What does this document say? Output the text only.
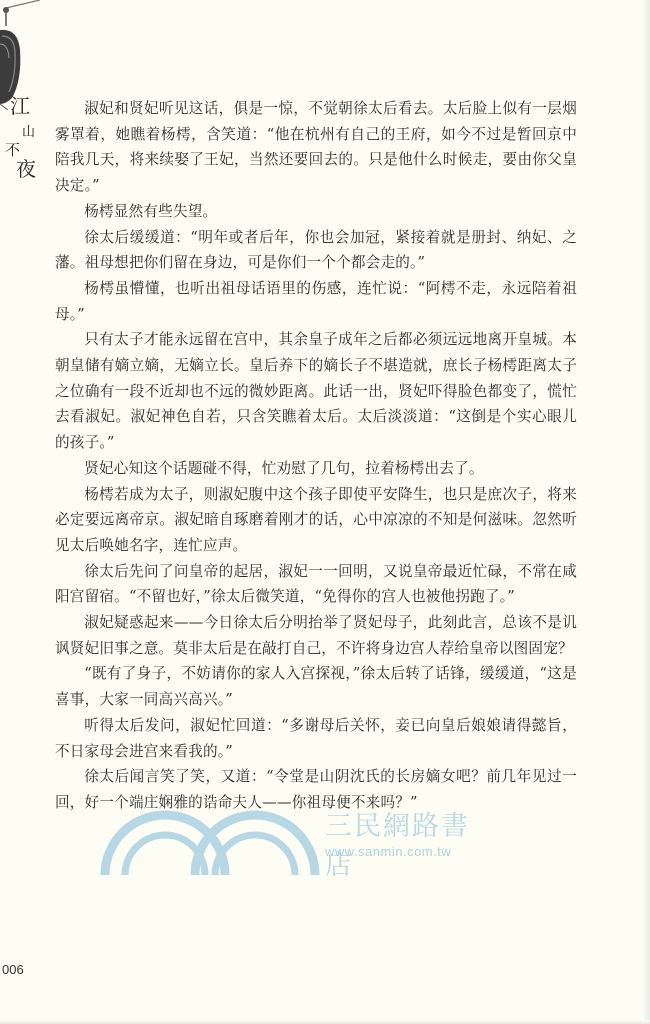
江
山
不
夜

淑妃和贤妃听见这话，俱是一惊，不觉朝徐太后看去。太后脸上似有一层烟雾罩着，她瞧着杨樗，含笑道：“他在杭州有自己的王府，如今不过是暂回京中陪我几天，将来续娶了王妃，当然还要回去的。只是他什么时候走，要由你父皇决定。”

杨樗显然有些失望。

徐太后缓缓道：“明年或者后年，你也会加冠，紧接着就是册封、纳妃、之藩。祖母想把你们留在身边，可是你们一个个都会走的。”

杨樗虽懵懂，也听出祖母话语里的伤感，连忙说：“阿樗不走，永远陪着祖母。”

只有太子才能永远留在宫中，其余皇子成年之后都必须远远地离开皇城。本朝皇储有嫡立嫡，无嫡立长。皇后养下的嫡长子不堪造就，庶长子杨樗距离太子之位确有一段不近却也不远的微妙距离。此话一出，贤妃吓得脸色都变了，慌忙去看淑妃。淑妃神色自若，只含笑瞧着太后。太后淡淡道：“这倒是个实心眼儿的孩子。”

贤妃心知这个话题碰不得，忙劝慰了几句，拉着杨樗出去了。

杨樗若成为太子，则淑妃腹中这个孩子即使平安降生，也只是庶次子，将来必定要远离帝京。淑妃暗自琢磨着刚才的话，心中凉凉的不知是何滋味。忽然听见太后唤她名字，连忙应声。

徐太后先问了问皇帝的起居，淑妃一一回明，又说皇帝最近忙碌，不常在咸阳宫留宿。“不留也好，”徐太后微笑道，“免得你的宫人也被他拐跑了。”

淑妃疑惑起来——今日徐太后分明抬举了贤妃母子，此刻此言，总该不是讥讽贤妃旧事之意。莫非太后是在敲打自己，不许将身边宫人荐给皇帝以图固宠？

“既有了身子，不妨请你的家人入宫探视，”徐太后转了话锋，缓缓道，“这是喜事，大家一同高兴高兴。”

听得太后发问，淑妃忙回道：“多谢母后关怀，妾已向皇后娘娘请得懿旨，不日家母会进宫来看我的。”

徐太后闻言笑了笑，又道：“令堂是山阴沈氏的长房嫡女吧？前几年见过一回，好一个端庄娴雅的诰命夫人——你祖母便不来吗？”

三民網路書店
www.sanmin.com.tw
006
